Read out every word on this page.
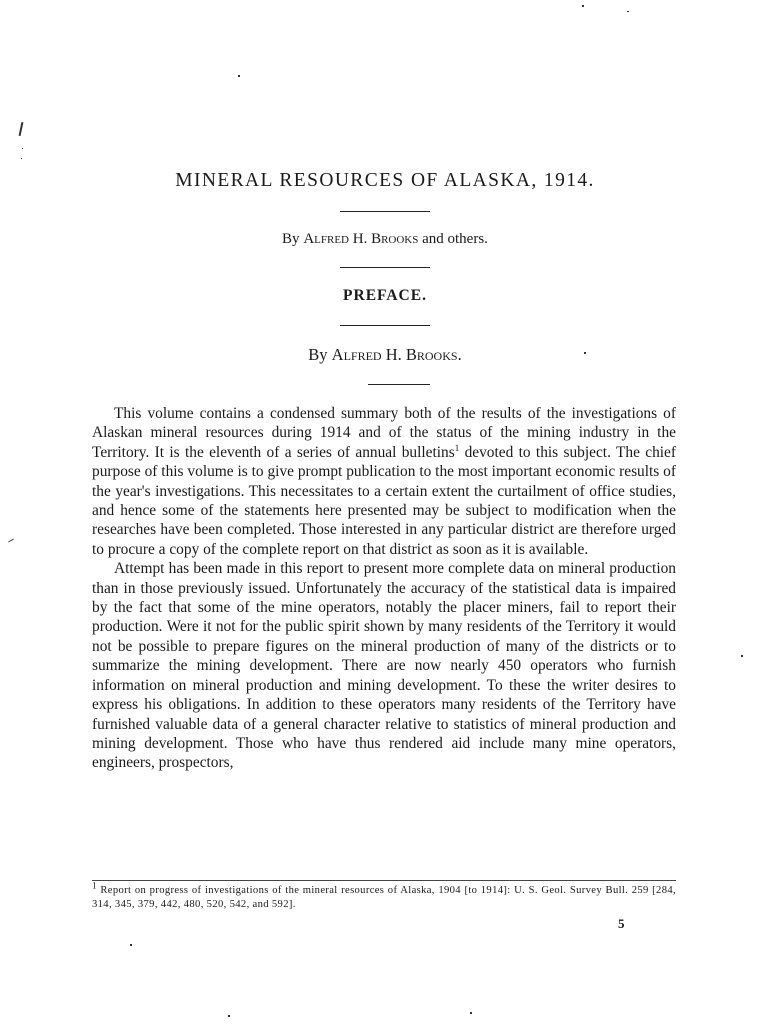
MINERAL RESOURCES OF ALASKA, 1914.
By Alfred H. Brooks and others.
PREFACE.
By Alfred H. Brooks.

This volume contains a condensed summary both of the results of the investigations of Alaskan mineral resources during 1914 and of the status of the mining industry in the Territory. It is the eleventh of a series of annual bulletins$^1$ devoted to this subject. The chief purpose of this volume is to give prompt publication to the most important economic results of the year's investigations. This necessitates to a certain extent the curtailment of office studies, and hence some of the statements here presented may be subject to modification when the researches have been completed. Those interested in any particular district are therefore urged to procure a copy of the complete report on that district as soon as it is available.

Attempt has been made in this report to present more complete data on mineral production than in those previously issued. Unfortunately the accuracy of the statistical data is impaired by the fact that some of the mine operators, notably the placer miners, fail to report their production. Were it not for the public spirit shown by many residents of the Territory it would not be possible to prepare figures on the mineral production of many of the districts or to summarize the mining development. There are now nearly 450 operators who furnish information on mineral production and mining development. To these the writer desires to express his obligations. In addition to these operators many residents of the Territory have furnished valuable data of a general character relative to statistics of mineral production and mining development. Those who have thus rendered aid include many mine operators, engineers, prospectors,

$^1$ Report on progress of investigations of the mineral resources of Alaska, 1904 [to 1914]: U. S. Geol. Survey Bull. 259 [284, 314, 345, 379, 442, 480, 520, 542, and 592].
5
